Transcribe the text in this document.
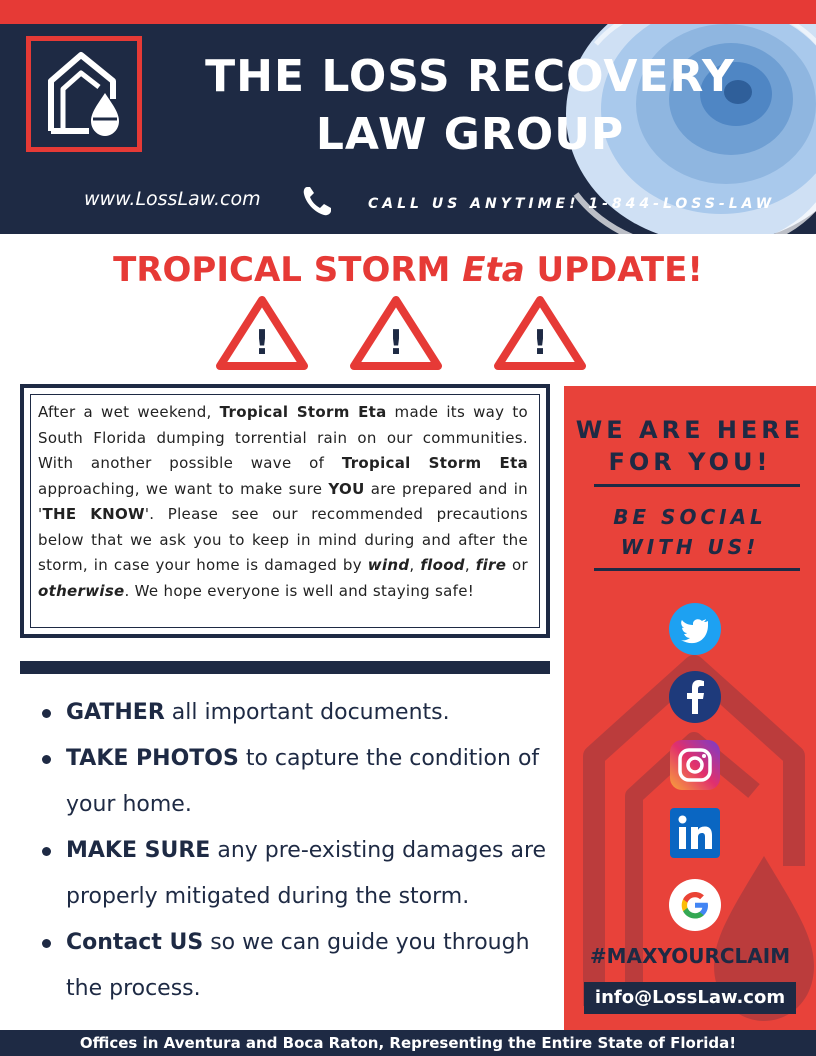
THE LOSS RECOVERY
LAW GROUP
www.LossLaw.com	CALL US ANYTIME! 1-844-LOSS-LAW
TROPICAL STORM Eta UPDATE!
!	!	!
After a wet weekend, Tropical Storm Eta made its way to South Florida dumping torrential rain on our communities. With another possible wave of Tropical Storm Eta approaching, we want to make sure YOU are prepared and in 'THE KNOW'. Please see our recommended precautions below that we ask you to keep in mind during and after the storm, in case your home is damaged by wind, flood, fire or otherwise. We hope everyone is well and staying safe!
GATHER all important documents.
TAKE PHOTOS to capture the condition of your home.
MAKE SURE any pre-existing damages are properly mitigated during the storm.
Contact US so we can guide you through the process.
WE ARE HERE
FOR YOU!
BE SOCIAL
WITH US!
#MAXYOURCLAIM
info@LossLaw.com
Offices in Aventura and Boca Raton, Representing the Entire State of Florida!
